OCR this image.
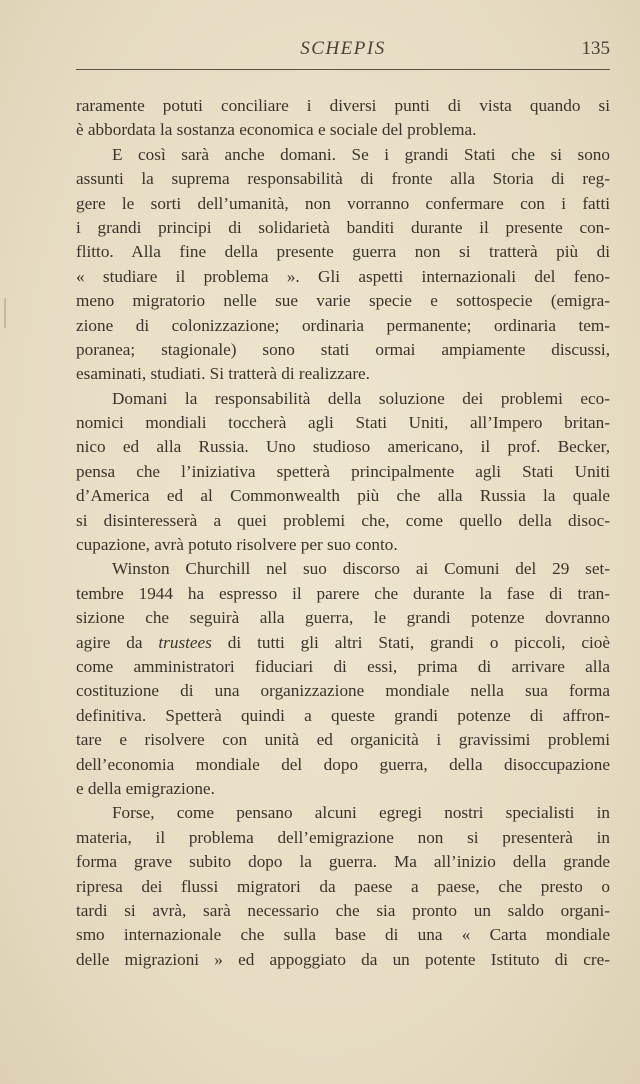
SCHEPIS	135
raramente potuti conciliare i diversi punti di vista quando si
è abbordata la sostanza economica e sociale del problema.
E così sarà anche domani. Se i grandi Stati che si sono
assunti la suprema responsabilità di fronte alla Storia di reg-
gere le sorti dell’umanità, non vorranno confermare con i fatti
i grandi principi di solidarietà banditi durante il presente con-
flitto. Alla fine della presente guerra non si tratterà più di
« studiare il problema ». Gli aspetti internazionali del feno-
meno migratorio nelle sue varie specie e sottospecie (emigra-
zione di colonizzazione; ordinaria permanente; ordinaria tem-
poranea; stagionale) sono stati ormai ampiamente discussi,
esaminati, studiati. Si tratterà di realizzare.
Domani la responsabilità della soluzione dei problemi eco-
nomici mondiali toccherà agli Stati Uniti, all’Impero britan-
nico ed alla Russia. Uno studioso americano, il prof. Becker,
pensa che l’iniziativa spetterà principalmente agli Stati Uniti
d’America ed al Commonwealth più che alla Russia la quale
si disinteresserà a quei problemi che, come quello della disoc-
cupazione, avrà potuto risolvere per suo conto.
Winston Churchill nel suo discorso ai Comuni del 29 set-
tembre 1944 ha espresso il parere che durante la fase di tran-
sizione che seguirà alla guerra, le grandi potenze dovranno
agire da trustees di tutti gli altri Stati, grandi o piccoli, cioè
come amministratori fiduciari di essi, prima di arrivare alla
costituzione di una organizzazione mondiale nella sua forma
definitiva. Spetterà quindi a queste grandi potenze di affron-
tare e risolvere con unità ed organicità i gravissimi problemi
dell’economia mondiale del dopo guerra, della disoccupazione
e della emigrazione.
Forse, come pensano alcuni egregi nostri specialisti in
materia, il problema dell’emigrazione non si presenterà in
forma grave subito dopo la guerra. Ma all’inizio della grande
ripresa dei flussi migratori da paese a paese, che presto o
tardi si avrà, sarà necessario che sia pronto un saldo organi-
smo internazionale che sulla base di una « Carta mondiale
delle migrazioni » ed appoggiato da un potente Istituto di cre-
